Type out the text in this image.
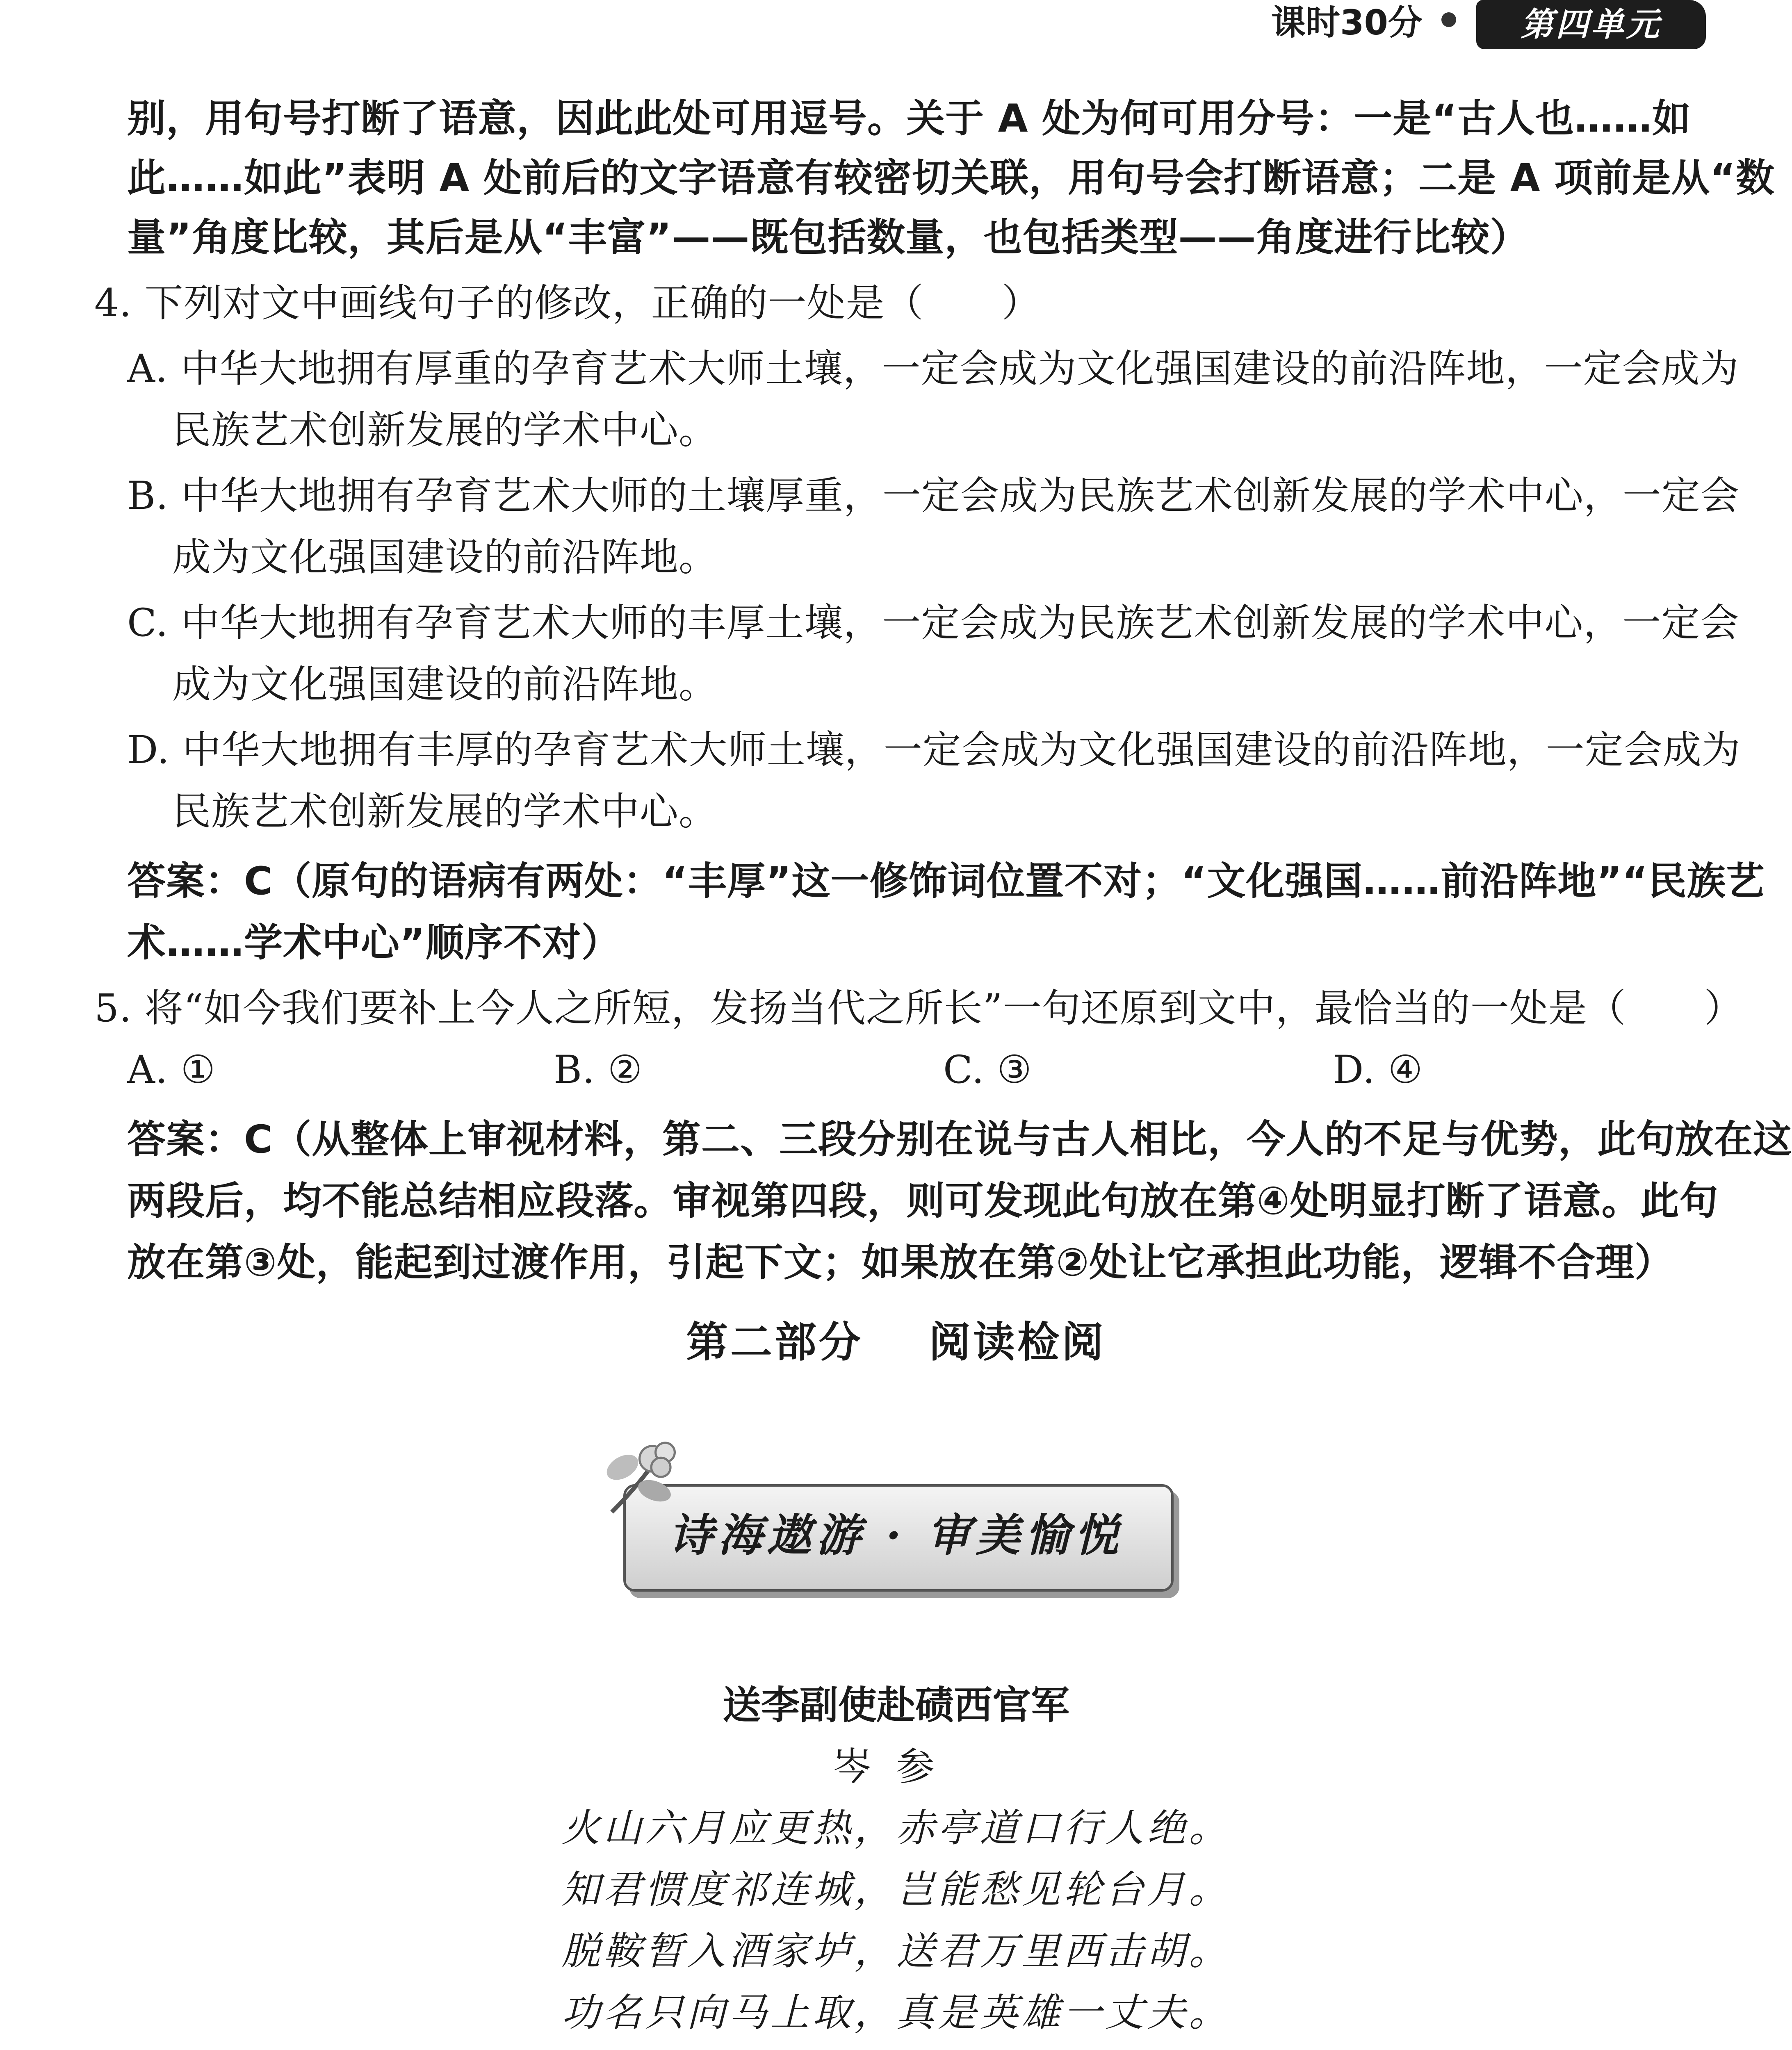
课时30分	第四单元
别，用句号打断了语意，因此此处可用逗号。关于 A 处为何可用分号：一是“古人也……如
此……如此”表明 A 处前后的文字语意有较密切关联，用句号会打断语意；二是 A 项前是从“数
量”角度比较，其后是从“丰富”——既包括数量，也包括类型——角度进行比较）
4. 下列对文中画线句子的修改，正确的一处是（　　）
A. 中华大地拥有厚重的孕育艺术大师土壤，一定会成为文化强国建设的前沿阵地，一定会成为
民族艺术创新发展的学术中心。
B. 中华大地拥有孕育艺术大师的土壤厚重，一定会成为民族艺术创新发展的学术中心，一定会
成为文化强国建设的前沿阵地。
C. 中华大地拥有孕育艺术大师的丰厚土壤，一定会成为民族艺术创新发展的学术中心，一定会
成为文化强国建设的前沿阵地。
D. 中华大地拥有丰厚的孕育艺术大师土壤，一定会成为文化强国建设的前沿阵地，一定会成为
民族艺术创新发展的学术中心。
答案：C（原句的语病有两处：“丰厚”这一修饰词位置不对；“文化强国……前沿阵地”“民族艺
术……学术中心”顺序不对）
5. 将“如今我们要补上今人之所短，发扬当代之所长”一句还原到文中，最恰当的一处是（　　）
A. ①	B. ②	C. ③	D. ④
答案：C（从整体上审视材料，第二、三段分别在说与古人相比，今人的不足与优势，此句放在这
两段后，均不能总结相应段落。审视第四段，则可发现此句放在第④处明显打断了语意。此句
放在第③处，能起到过渡作用，引起下文；如果放在第②处让它承担此功能，逻辑不合理）
第二部分 阅读检阅
诗海遨游 · 审美愉悦
送李副使赴碛西官军
岑参
火山六月应更热，赤亭道口行人绝。
知君惯度祁连城，岂能愁见轮台月。
脱鞍暂入酒家垆，送君万里西击胡。
功名只向马上取，真是英雄一丈夫。
